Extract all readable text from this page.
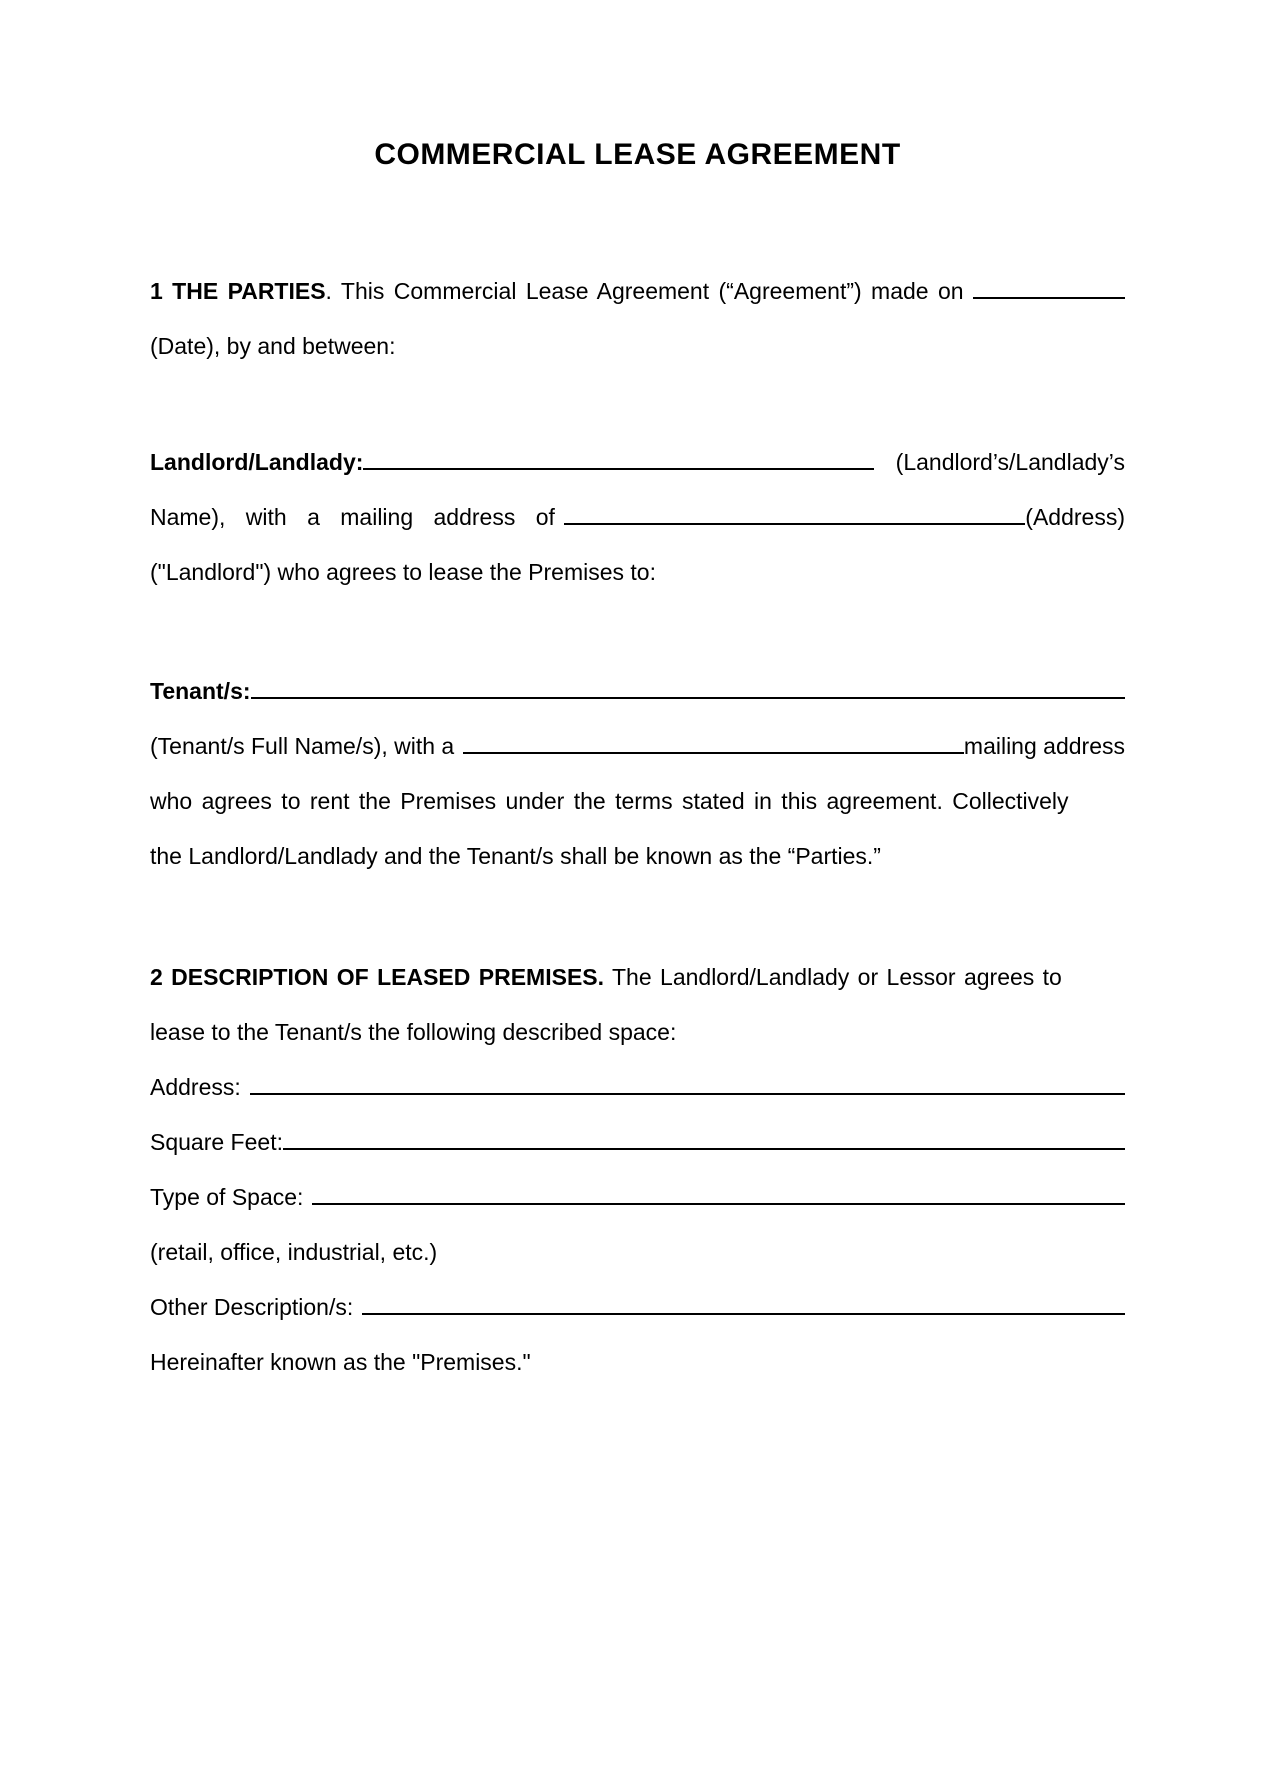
COMMERCIAL LEASE AGREEMENT
1 THE PARTIES . This Commercial Lease Agreement (“Agreement”) made on
(Date), by and between:
Landlord/Landlady:	(Landlord’s/Landlady’s
Name), with a mailing address of	(Address)
("Landlord") who agrees to lease the Premises to:
Tenant/s:
(Tenant/s Full Name/s), with a	mailing address
who agrees to rent the Premises under the terms stated in this agreement. Collectively
the Landlord/Landlady and the Tenant/s shall be known as the “Parties.”
2 DESCRIPTION OF LEASED PREMISES. The Landlord/Landlady or Lessor agrees to
lease to the Tenant/s the following described space:
Address:
Square Feet:
Type of Space:
(retail, office, industrial, etc.)
Other Description/s:
Hereinafter known as the "Premises."
